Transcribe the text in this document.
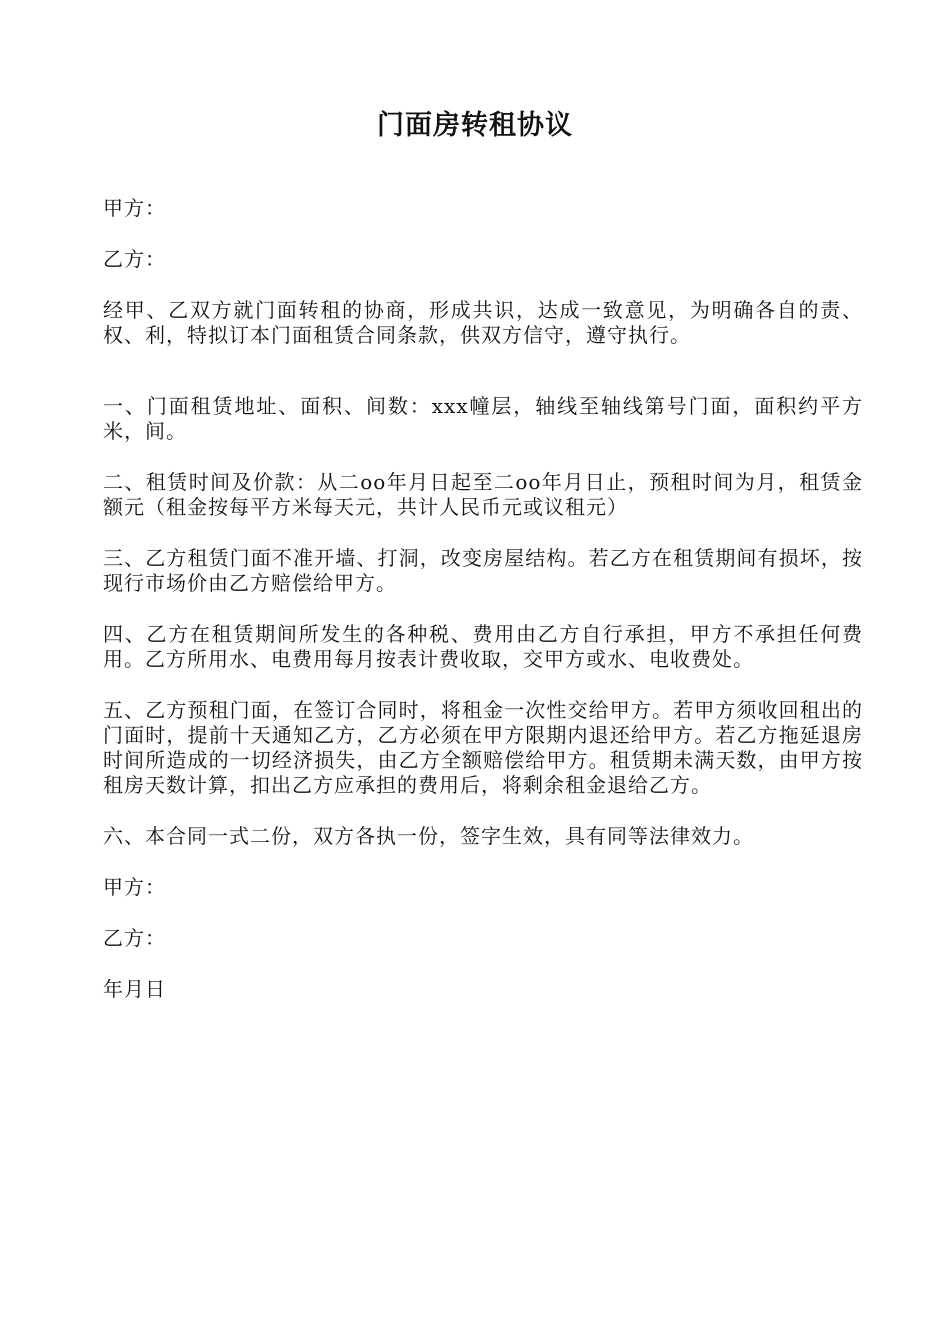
门面房转租协议

甲方：

乙方：

经甲、乙双方就门面转租的协商，形成共识，达成一致意见，为明确各自的责、权、利，特拟订本门面租赁合同条款，供双方信守，遵守执行。

一、门面租赁地址、面积、间数：xxx幢层，轴线至轴线第号门面，面积约平方米，间。

二、租赁时间及价款：从二oo年月日起至二oo年月日止，预租时间为月，租赁金额元（租金按每平方米每天元，共计人民币元或议租元）

三、乙方租赁门面不准开墙、打洞，改变房屋结构。若乙方在租赁期间有损坏，按现行市场价由乙方赔偿给甲方。

四、乙方在租赁期间所发生的各种税、费用由乙方自行承担，甲方不承担任何费用。乙方所用水、电费用每月按表计费收取，交甲方或水、电收费处。

五、乙方预租门面，在签订合同时，将租金一次性交给甲方。若甲方须收回租出的门面时，提前十天通知乙方，乙方必须在甲方限期内退还给甲方。若乙方拖延退房时间所造成的一切经济损失，由乙方全额赔偿给甲方。租赁期未满天数，由甲方按租房天数计算，扣出乙方应承担的费用后，将剩余租金退给乙方。

六、本合同一式二份，双方各执一份，签字生效，具有同等法律效力。

甲方：

乙方：

年月日
